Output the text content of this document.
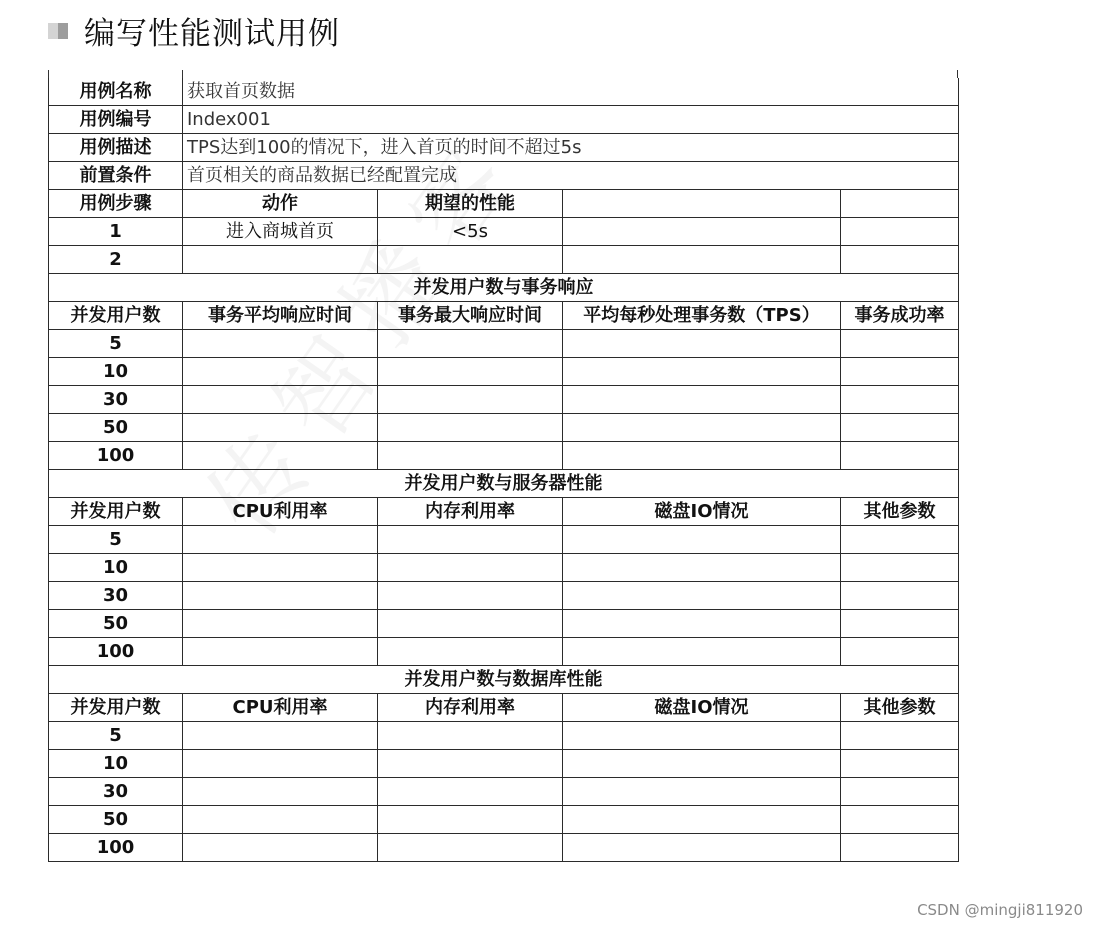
编写性能测试用例
用例名称	获取首页数据			
用例编号	Index001			
用例描述	TPS达到100的情况下，进入首页的时间不超过5s			
前置条件	首页相关的商品数据已经配置完成			
用例步骤	动作	期望的性能		
1	进入商城首页	<5s		
2				
并发用户数与事务响应				
并发用户数	事务平均响应时间	事务最大响应时间	平均每秒处理事务数（TPS）	事务成功率
5				
10				
30				
50				
100				
并发用户数与服务器性能				
并发用户数	CPU利用率	内存利用率	磁盘IO情况	其他参数
5				
10				
30				
50				
100				
并发用户数与数据库性能				
并发用户数	CPU利用率	内存利用率	磁盘IO情况	其他参数
5				
10				
30				
50				
100				
CSDN @mingji811920
